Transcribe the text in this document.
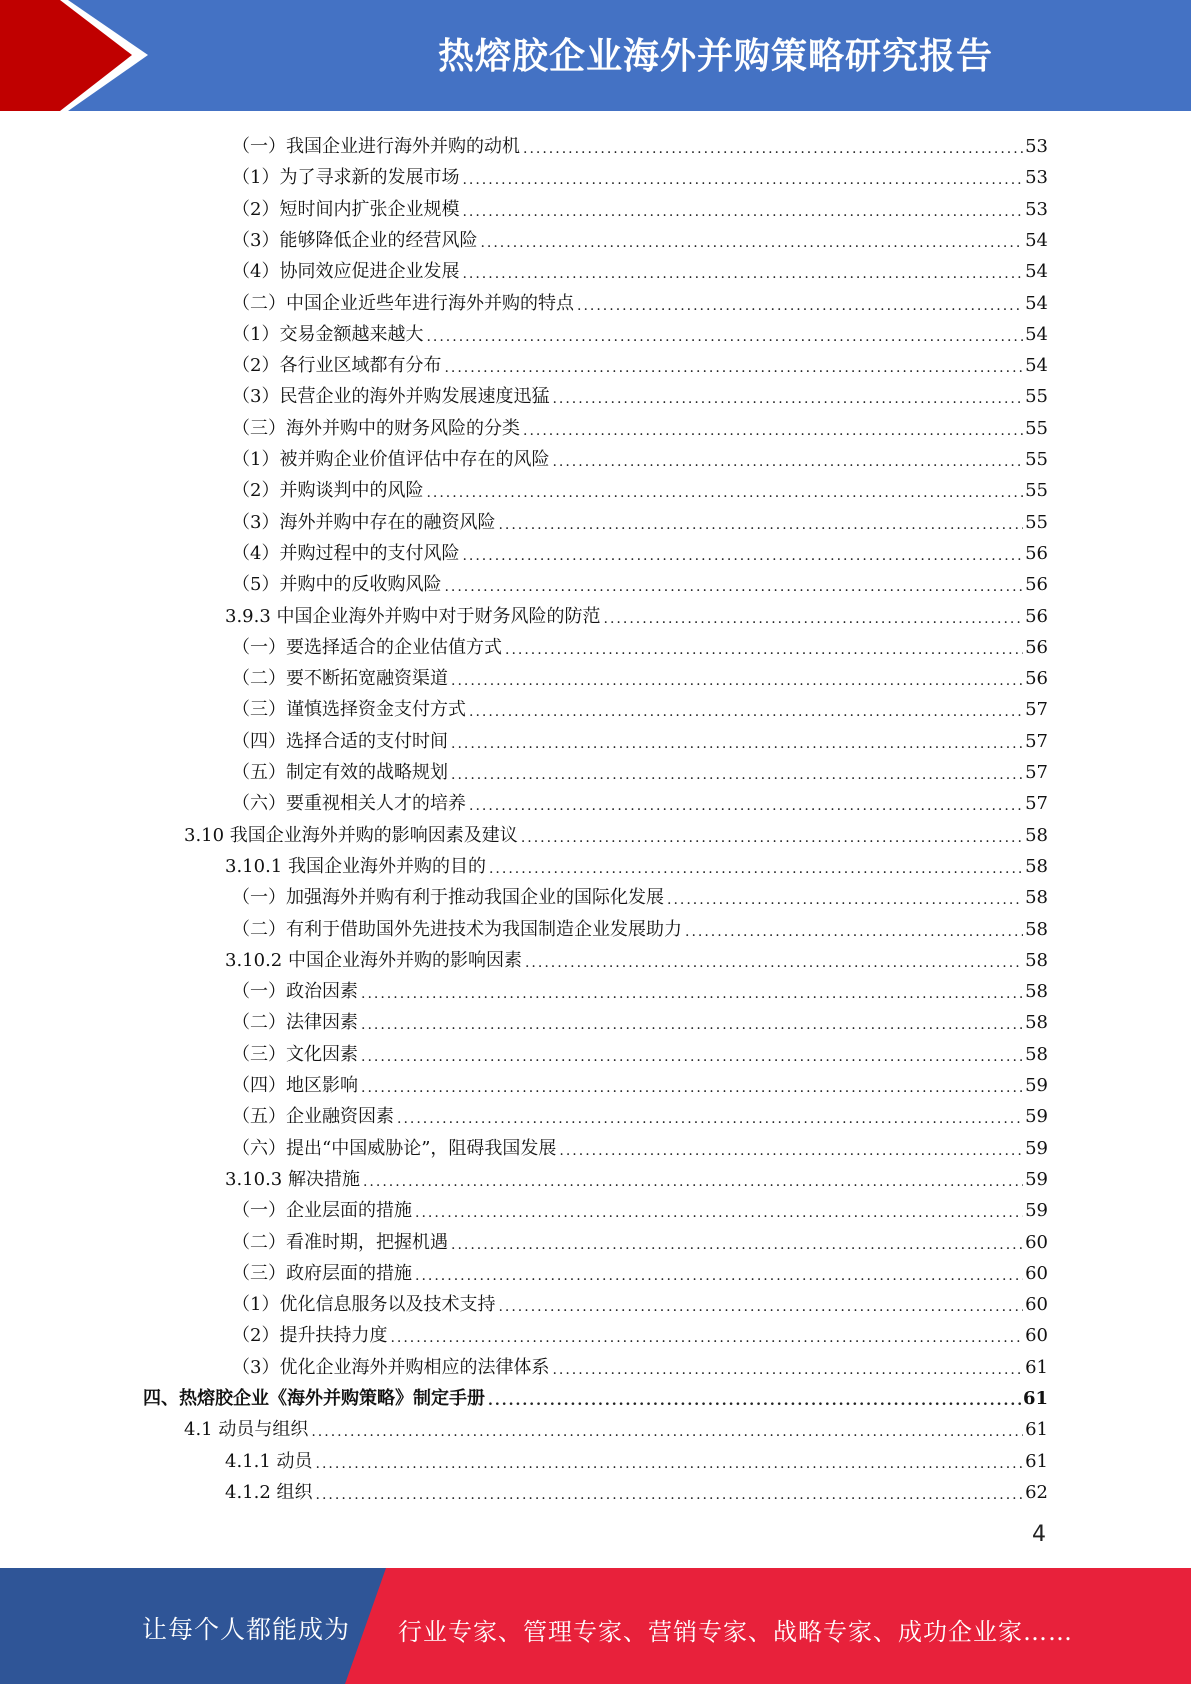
热熔胶企业海外并购策略研究报告
（一）我国企业进行海外并购的动机 .....	53
（1）为了寻求新的发展市场 .....	53
（2）短时间内扩张企业规模 .....	53
（3）能够降低企业的经营风险 .....	54
（4）协同效应促进企业发展 .....	54
（二）中国企业近些年进行海外并购的特点 .....	54
（1）交易金额越来越大 .....	54
（2）各行业区域都有分布 .....	54
（3）民营企业的海外并购发展速度迅猛 .....	55
（三）海外并购中的财务风险的分类 .....	55
（1）被并购企业价值评估中存在的风险 .....	55
（2）并购谈判中的风险 .....	55
（3）海外并购中存在的融资风险 .....	55
（4）并购过程中的支付风险 .....	56
（5）并购中的反收购风险 .....	56
3.9.3 中国企业海外并购中对于财务风险的防范 .....	56
（一）要选择适合的企业估值方式 .....	56
（二）要不断拓宽融资渠道 .....	56
（三）谨慎选择资金支付方式 .....	57
（四）选择合适的支付时间 .....	57
（五）制定有效的战略规划 .....	57
（六）要重视相关人才的培养 .....	57
3.10 我国企业海外并购的影响因素及建议 .....	58
3.10.1 我国企业海外并购的目的 .....	58
（一）加强海外并购有利于推动我国企业的国际化发展 .....	58
（二）有利于借助国外先进技术为我国制造企业发展助力 .....	58
3.10.2 中国企业海外并购的影响因素 .....	58
（一）政治因素 .....	58
（二）法律因素 .....	58
（三）文化因素 .....	58
（四）地区影响 .....	59
（五）企业融资因素 .....	59
（六）提出“中国威胁论”，阻碍我国发展 .....	59
3.10.3 解决措施 .....	59
（一）企业层面的措施 .....	59
（二）看准时期，把握机遇 .....	60
（三）政府层面的措施 .....	60
（1）优化信息服务以及技术支持 .....	60
（2）提升扶持力度 .....	60
（3）优化企业海外并购相应的法律体系 .....	61
四、热熔胶企业《海外并购策略》制定手册 .....	61
4.1 动员与组织 .....	61
4.1.1 动员 .....	61
4.1.2 组织 .....	62
4
让每个人都能成为 行业专家、管理专家、营销专家、战略专家、成功企业家……
